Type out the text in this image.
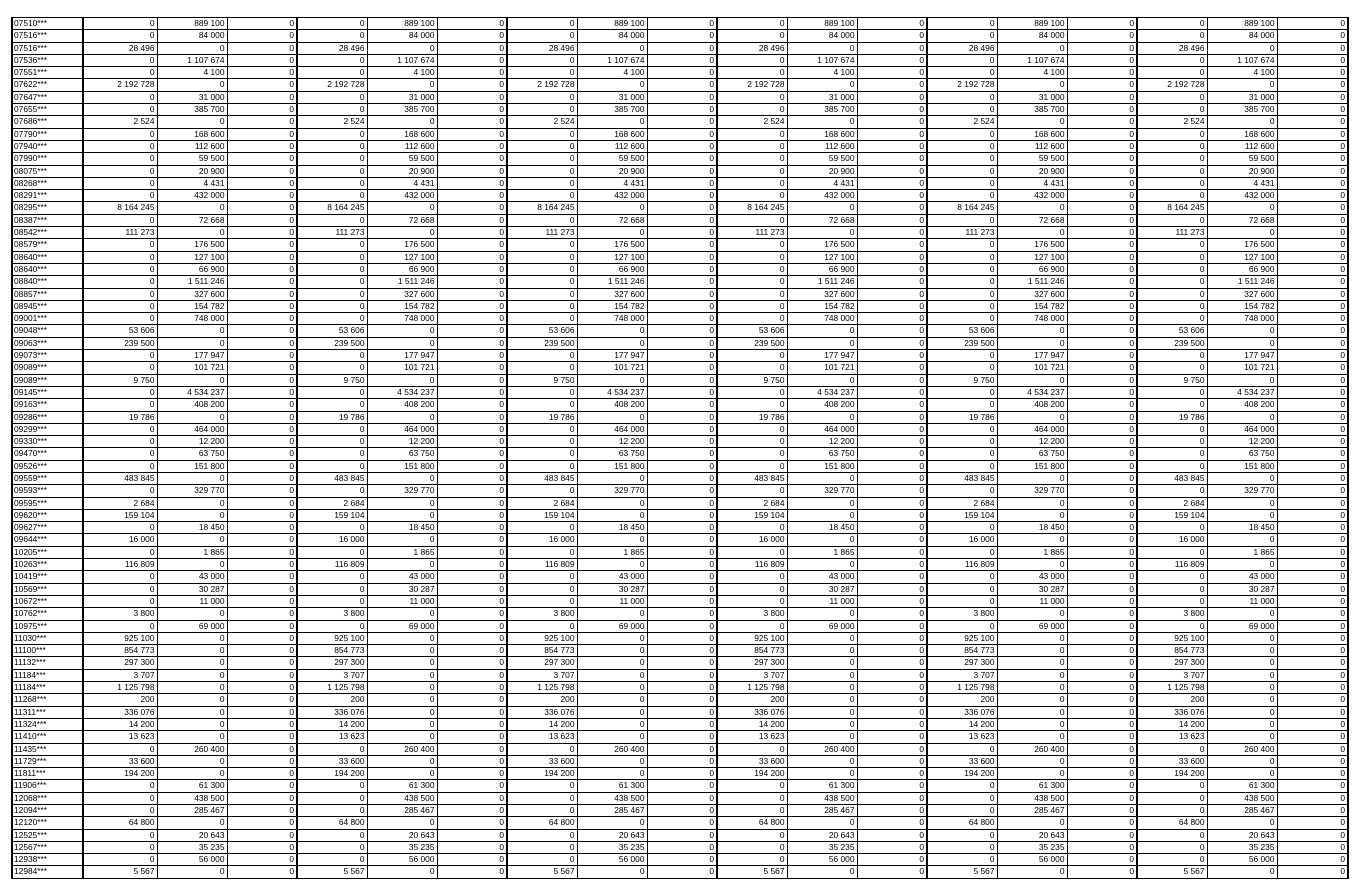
07510***	0	889 100	0	0	889 100	0	0	889 100	0	0	889 100	0	0	889 100	0	0	889 100	0
07516***	0	84 000	0	0	84 000	0	0	84 000	0	0	84 000	0	0	84 000	0	0	84 000	0
07516***	28 496	0	0	28 496	0	0	28 496	0	0	28 496	0	0	28 496	0	0	28 496	0	0
07536***	0	1 107 674	0	0	1 107 674	0	0	1 107 674	0	0	1 107 674	0	0	1 107 674	0	0	1 107 674	0
07551***	0	4 100	0	0	4 100	0	0	4 100	0	0	4 100	0	0	4 100	0	0	4 100	0
07622***	2 192 728	0	0	2 192 728	0	0	2 192 728	0	0	2 192 728	0	0	2 192 728	0	0	2 192 728	0	0
07647***	0	31 000	0	0	31 000	0	0	31 000	0	0	31 000	0	0	31 000	0	0	31 000	0
07655***	0	385 700	0	0	385 700	0	0	385 700	0	0	385 700	0	0	385 700	0	0	385 700	0
07686***	2 524	0	0	2 524	0	0	2 524	0	0	2 524	0	0	2 524	0	0	2 524	0	0
07790***	0	168 600	0	0	168 600	0	0	168 600	0	0	168 600	0	0	168 600	0	0	168 600	0
07940***	0	112 600	0	0	112 600	0	0	112 600	0	0	112 600	0	0	112 600	0	0	112 600	0
07990***	0	59 500	0	0	59 500	0	0	59 500	0	0	59 500	0	0	59 500	0	0	59 500	0
08075***	0	20 900	0	0	20 900	0	0	20 900	0	0	20 900	0	0	20 900	0	0	20 900	0
08268***	0	4 431	0	0	4 431	0	0	4 431	0	0	4 431	0	0	4 431	0	0	4 431	0
08291***	0	432 000	0	0	432 000	0	0	432 000	0	0	432 000	0	0	432 000	0	0	432 000	0
08295***	8 164 245	0	0	8 164 245	0	0	8 164 245	0	0	8 164 245	0	0	8 164 245	0	0	8 164 245	0	0
08387***	0	72 668	0	0	72 668	0	0	72 668	0	0	72 668	0	0	72 668	0	0	72 668	0
08542***	111 273	0	0	111 273	0	0	111 273	0	0	111 273	0	0	111 273	0	0	111 273	0	0
08579***	0	176 500	0	0	176 500	0	0	176 500	0	0	176 500	0	0	176 500	0	0	176 500	0
08640***	0	127 100	0	0	127 100	0	0	127 100	0	0	127 100	0	0	127 100	0	0	127 100	0
08640***	0	66 900	0	0	66 900	0	0	66 900	0	0	66 900	0	0	66 900	0	0	66 900	0
08840***	0	1 511 246	0	0	1 511 246	0	0	1 511 246	0	0	1 511 246	0	0	1 511 246	0	0	1 511 246	0
08857***	0	327 600	0	0	327 600	0	0	327 600	0	0	327 600	0	0	327 600	0	0	327 600	0
08945***	0	154 782	0	0	154 782	0	0	154 782	0	0	154 782	0	0	154 782	0	0	154 782	0
09001***	0	748 000	0	0	748 000	0	0	748 000	0	0	748 000	0	0	748 000	0	0	748 000	0
09048***	53 606	0	0	53 606	0	0	53 606	0	0	53 606	0	0	53 606	0	0	53 606	0	0
09063***	239 500	0	0	239 500	0	0	239 500	0	0	239 500	0	0	239 500	0	0	239 500	0	0
09073***	0	177 947	0	0	177 947	0	0	177 947	0	0	177 947	0	0	177 947	0	0	177 947	0
09089***	0	101 721	0	0	101 721	0	0	101 721	0	0	101 721	0	0	101 721	0	0	101 721	0
09089***	9 750	0	0	9 750	0	0	9 750	0	0	9 750	0	0	9 750	0	0	9 750	0	0
09145***	0	4 534 237	0	0	4 534 237	0	0	4 534 237	0	0	4 534 237	0	0	4 534 237	0	0	4 534 237	0
09163***	0	408 200	0	0	408 200	0	0	408 200	0	0	408 200	0	0	408 200	0	0	408 200	0
09286***	19 786	0	0	19 786	0	0	19 786	0	0	19 786	0	0	19 786	0	0	19 786	0	0
09299***	0	464 000	0	0	464 000	0	0	464 000	0	0	464 000	0	0	464 000	0	0	464 000	0
09330***	0	12 200	0	0	12 200	0	0	12 200	0	0	12 200	0	0	12 200	0	0	12 200	0
09470***	0	63 750	0	0	63 750	0	0	63 750	0	0	63 750	0	0	63 750	0	0	63 750	0
09526***	0	151 800	0	0	151 800	0	0	151 800	0	0	151 800	0	0	151 800	0	0	151 800	0
09559***	483 845	0	0	483 845	0	0	483 845	0	0	483 845	0	0	483 845	0	0	483 845	0	0
09593***	0	329 770	0	0	329 770	0	0	329 770	0	0	329 770	0	0	329 770	0	0	329 770	0
09595***	2 684	0	0	2 684	0	0	2 684	0	0	2 684	0	0	2 684	0	0	2 684	0	0
09620***	159 104	0	0	159 104	0	0	159 104	0	0	159 104	0	0	159 104	0	0	159 104	0	0
09627***	0	18 450	0	0	18 450	0	0	18 450	0	0	18 450	0	0	18 450	0	0	18 450	0
09644***	16 000	0	0	16 000	0	0	16 000	0	0	16 000	0	0	16 000	0	0	16 000	0	0
10205***	0	1 865	0	0	1 865	0	0	1 865	0	0	1 865	0	0	1 865	0	0	1 865	0
10263***	116 809	0	0	116 809	0	0	116 809	0	0	116 809	0	0	116 809	0	0	116 809	0	0
10419***	0	43 000	0	0	43 000	0	0	43 000	0	0	43 000	0	0	43 000	0	0	43 000	0
10569***	0	30 287	0	0	30 287	0	0	30 287	0	0	30 287	0	0	30 287	0	0	30 287	0
10672***	0	11 000	0	0	11 000	0	0	11 000	0	0	11 000	0	0	11 000	0	0	11 000	0
10762***	3 800	0	0	3 800	0	0	3 800	0	0	3 800	0	0	3 800	0	0	3 800	0	0
10975***	0	69 000	0	0	69 000	0	0	69 000	0	0	69 000	0	0	69 000	0	0	69 000	0
11030***	925 100	0	0	925 100	0	0	925 100	0	0	925 100	0	0	925 100	0	0	925 100	0	0
11100***	854 773	0	0	854 773	0	0	854 773	0	0	854 773	0	0	854 773	0	0	854 773	0	0
11132***	297 300	0	0	297 300	0	0	297 300	0	0	297 300	0	0	297 300	0	0	297 300	0	0
11184***	3 707	0	0	3 707	0	0	3 707	0	0	3 707	0	0	3 707	0	0	3 707	0	0
11184***	1 125 798	0	0	1 125 798	0	0	1 125 798	0	0	1 125 798	0	0	1 125 798	0	0	1 125 798	0	0
11268***	200	0	0	200	0	0	200	0	0	200	0	0	200	0	0	200	0	0
11311***	336 076	0	0	336 076	0	0	336 076	0	0	336 076	0	0	336 076	0	0	336 076	0	0
11324***	14 200	0	0	14 200	0	0	14 200	0	0	14 200	0	0	14 200	0	0	14 200	0	0
11410***	13 623	0	0	13 623	0	0	13 623	0	0	13 623	0	0	13 623	0	0	13 623	0	0
11435***	0	260 400	0	0	260 400	0	0	260 400	0	0	260 400	0	0	260 400	0	0	260 400	0
11729***	33 600	0	0	33 600	0	0	33 600	0	0	33 600	0	0	33 600	0	0	33 600	0	0
11811***	194 200	0	0	194 200	0	0	194 200	0	0	194 200	0	0	194 200	0	0	194 200	0	0
11906***	0	61 300	0	0	61 300	0	0	61 300	0	0	61 300	0	0	61 300	0	0	61 300	0
12068***	0	438 500	0	0	438 500	0	0	438 500	0	0	438 500	0	0	438 500	0	0	438 500	0
12094***	0	285 467	0	0	285 467	0	0	285 467	0	0	285 467	0	0	285 467	0	0	285 467	0
12120***	64 800	0	0	64 800	0	0	64 800	0	0	64 800	0	0	64 800	0	0	64 800	0	0
12525***	0	20 643	0	0	20 643	0	0	20 643	0	0	20 643	0	0	20 643	0	0	20 643	0
12567***	0	35 235	0	0	35 235	0	0	35 235	0	0	35 235	0	0	35 235	0	0	35 235	0
12938***	0	56 000	0	0	56 000	0	0	56 000	0	0	56 000	0	0	56 000	0	0	56 000	0
12984***	5 567	0	0	5 567	0	0	5 567	0	0	5 567	0	0	5 567	0	0	5 567	0	0
